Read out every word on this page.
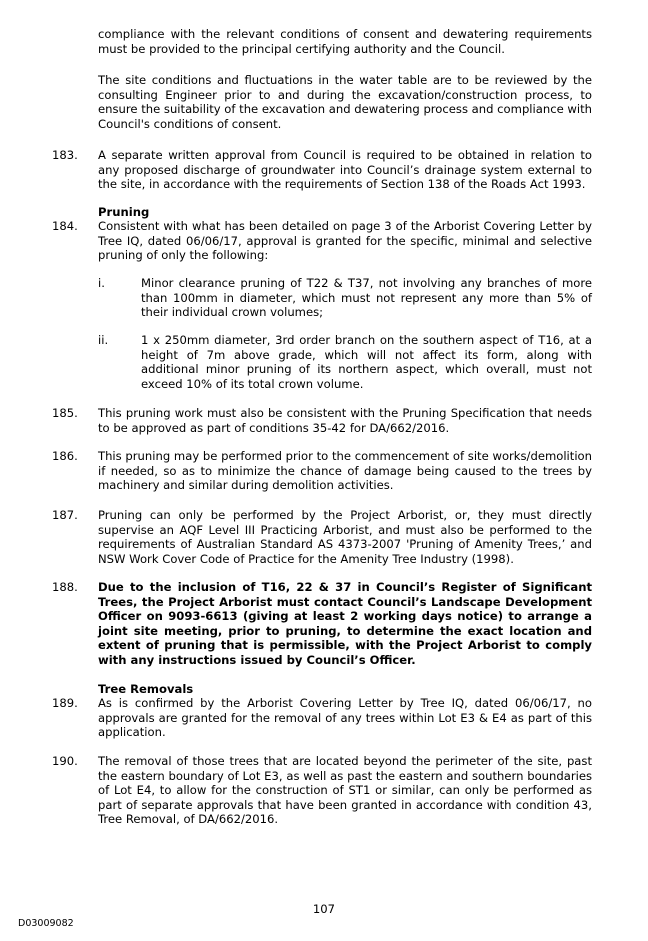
compliance with the relevant conditions of consent and dewatering requirements must be provided to the principal certifying authority and the Council.

The site conditions and fluctuations in the water table are to be reviewed by the consulting Engineer prior to and during the excavation/construction process, to ensure the suitability of the excavation and dewatering process and compliance with Council's conditions of consent.

183. A separate written approval from Council is required to be obtained in relation to any proposed discharge of groundwater into Council’s drainage system external to the site, in accordance with the requirements of Section 138 of the Roads Act 1993.

Pruning

184. Consistent with what has been detailed on page 3 of the Arborist Covering Letter by Tree IQ, dated 06/06/17, approval is granted for the specific, minimal and selective pruning of only the following:

i.	Minor clearance pruning of T22 & T37, not involving any branches of more than 100mm in diameter, which must not represent any more than 5% of their individual crown volumes;

ii.	1 x 250mm diameter, 3rd order branch on the southern aspect of T16, at a height of 7m above grade, which will not affect its form, along with additional minor pruning of its northern aspect, which overall, must not exceed 10% of its total crown volume.

185. This pruning work must also be consistent with the Pruning Specification that needs to be approved as part of conditions 35-42 for DA/662/2016.

186. This pruning may be performed prior to the commencement of site works/demolition if needed, so as to minimize the chance of damage being caused to the trees by machinery and similar during demolition activities.

187. Pruning can only be performed by the Project Arborist, or, they must directly supervise an AQF Level III Practicing Arborist, and must also be performed to the requirements of Australian Standard AS 4373-2007 'Pruning of Amenity Trees,’ and NSW Work Cover Code of Practice for the Amenity Tree Industry (1998).

188. Due to the inclusion of T16, 22 & 37 in Council’s Register of Significant Trees, the Project Arborist must contact Council’s Landscape Development Officer on 9093-6613 (giving at least 2 working days notice) to arrange a joint site meeting, prior to pruning, to determine the exact location and extent of pruning that is permissible, with the Project Arborist to comply with any instructions issued by Council’s Officer.

Tree Removals

189. As is confirmed by the Arborist Covering Letter by Tree IQ, dated 06/06/17, no approvals are granted for the removal of any trees within Lot E3 & E4 as part of this application.

190. The removal of those trees that are located beyond the perimeter of the site, past the eastern boundary of Lot E3, as well as past the eastern and southern boundaries of Lot E4, to allow for the construction of ST1 or similar, can only be performed as part of separate approvals that have been granted in accordance with condition 43, Tree Removal, of DA/662/2016.

107

D03009082
